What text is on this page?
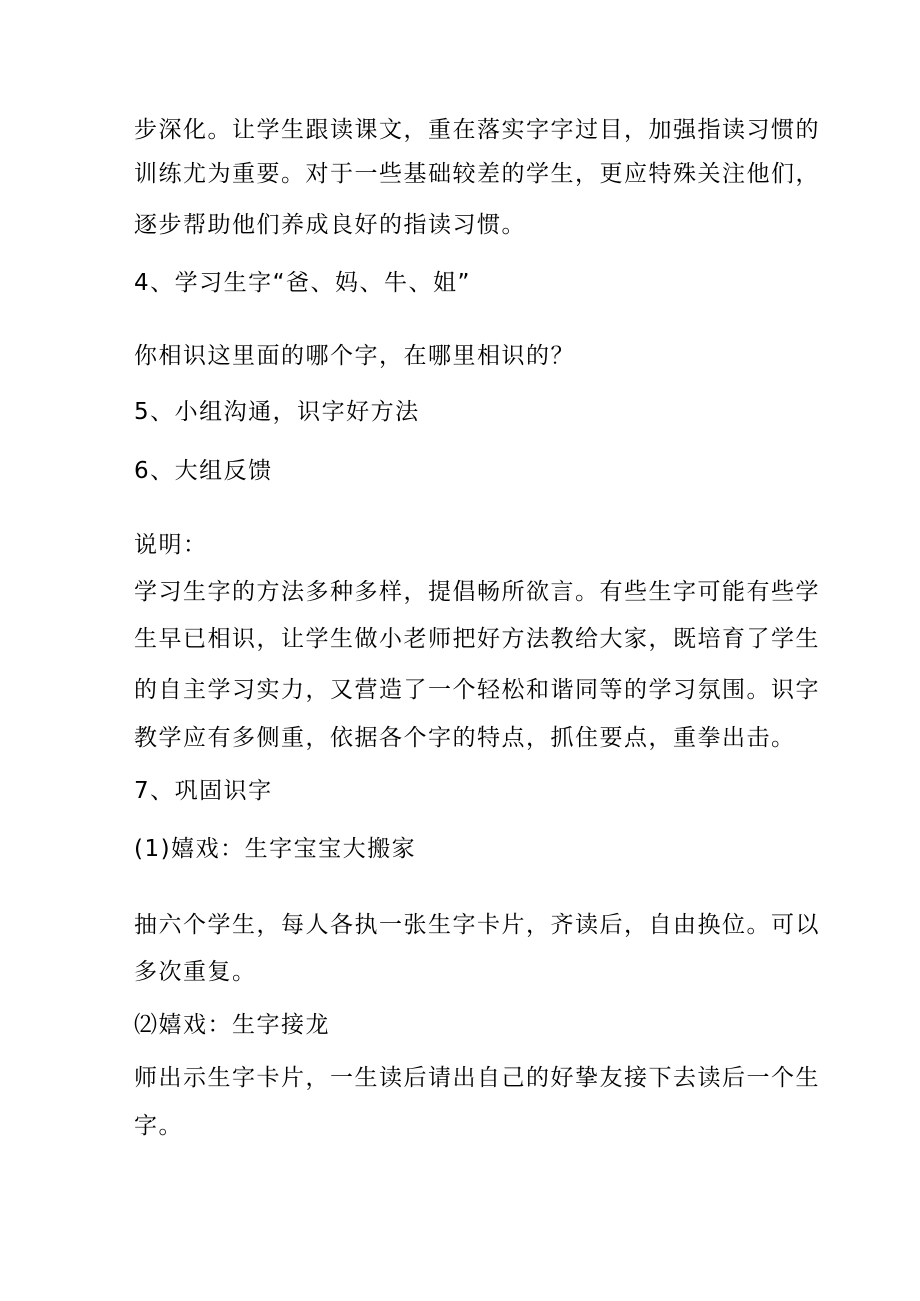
步深化。让学生跟读课文，重在落实字字过目，加强指读习惯的
训练尤为重要。对于一些基础较差的学生，更应特殊关注他们，
逐步帮助他们养成良好的指读习惯。
4、学习生字“爸、妈、牛、姐”
你相识这里面的哪个字，在哪里相识的？
5、小组沟通，识字好方法
6、大组反馈
说明：
学习生字的方法多种多样，提倡畅所欲言。有些生字可能有些学
生早已相识，让学生做小老师把好方法教给大家，既培育了学生
的自主学习实力，又营造了一个轻松和谐同等的学习氛围。识字
教学应有多侧重，依据各个字的特点，抓住要点，重拳出击。
7、巩固识字
(1)嬉戏：生字宝宝大搬家
抽六个学生，每人各执一张生字卡片，齐读后，自由换位。可以
多次重复。
⑵嬉戏：生字接龙
师出示生字卡片，一生读后请出自己的好挚友接下去读后一个生
字。
